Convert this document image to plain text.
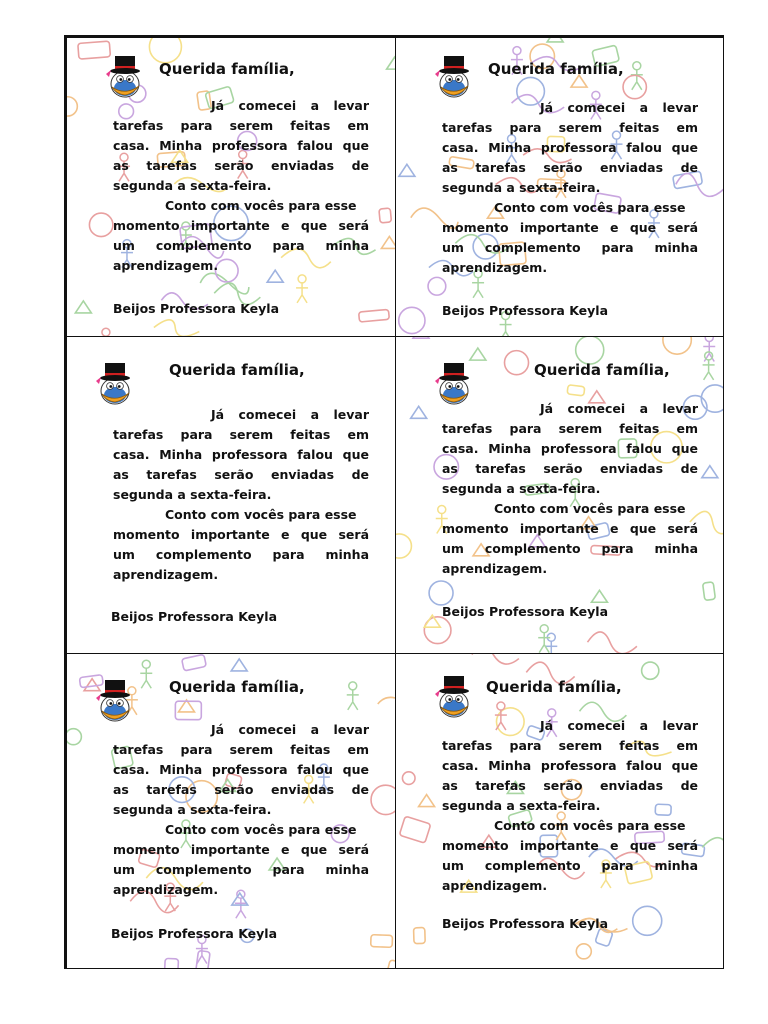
Querida família,
Já comecei a levar
tarefas para serem feitas em
casa. Minha professora falou que
as tarefas serão enviadas de
segunda a sexta-feira.
Conto com vocês para esse
momento importante e que será
um complemento para minha
aprendizagem.
Beijos Professora Keyla
Querida família,
Já comecei a levar
tarefas para serem feitas em
casa. Minha professora falou que
as tarefas serão enviadas de
segunda a sexta-feira.
Conto com vocês para esse
momento importante e que será
um complemento para minha
aprendizagem.
Beijos Professora Keyla
Querida família,
Já comecei a levar
tarefas para serem feitas em
casa. Minha professora falou que
as tarefas serão enviadas de
segunda a sexta-feira.
Conto com vocês para esse
momento importante e que será
um complemento para minha
aprendizagem.
Beijos Professora Keyla
Querida família,
Já comecei a levar
tarefas para serem feitas em
casa. Minha professora falou que
as tarefas serão enviadas de
segunda a sexta-feira.
Conto com vocês para esse
momento importante e que será
um complemento para minha
aprendizagem.
Beijos Professora Keyla
Querida família,
Já comecei a levar
tarefas para serem feitas em
casa. Minha professora falou que
as tarefas serão enviadas de
segunda a sexta-feira.
Conto com vocês para esse
momento importante e que será
um complemento para minha
aprendizagem.
Beijos Professora Keyla
Querida família,
Já comecei a levar
tarefas para serem feitas em
casa. Minha professora falou que
as tarefas serão enviadas de
segunda a sexta-feira.
Conto com vocês para esse
momento importante e que será
um complemento para minha
aprendizagem.
Beijos Professora Keyla
